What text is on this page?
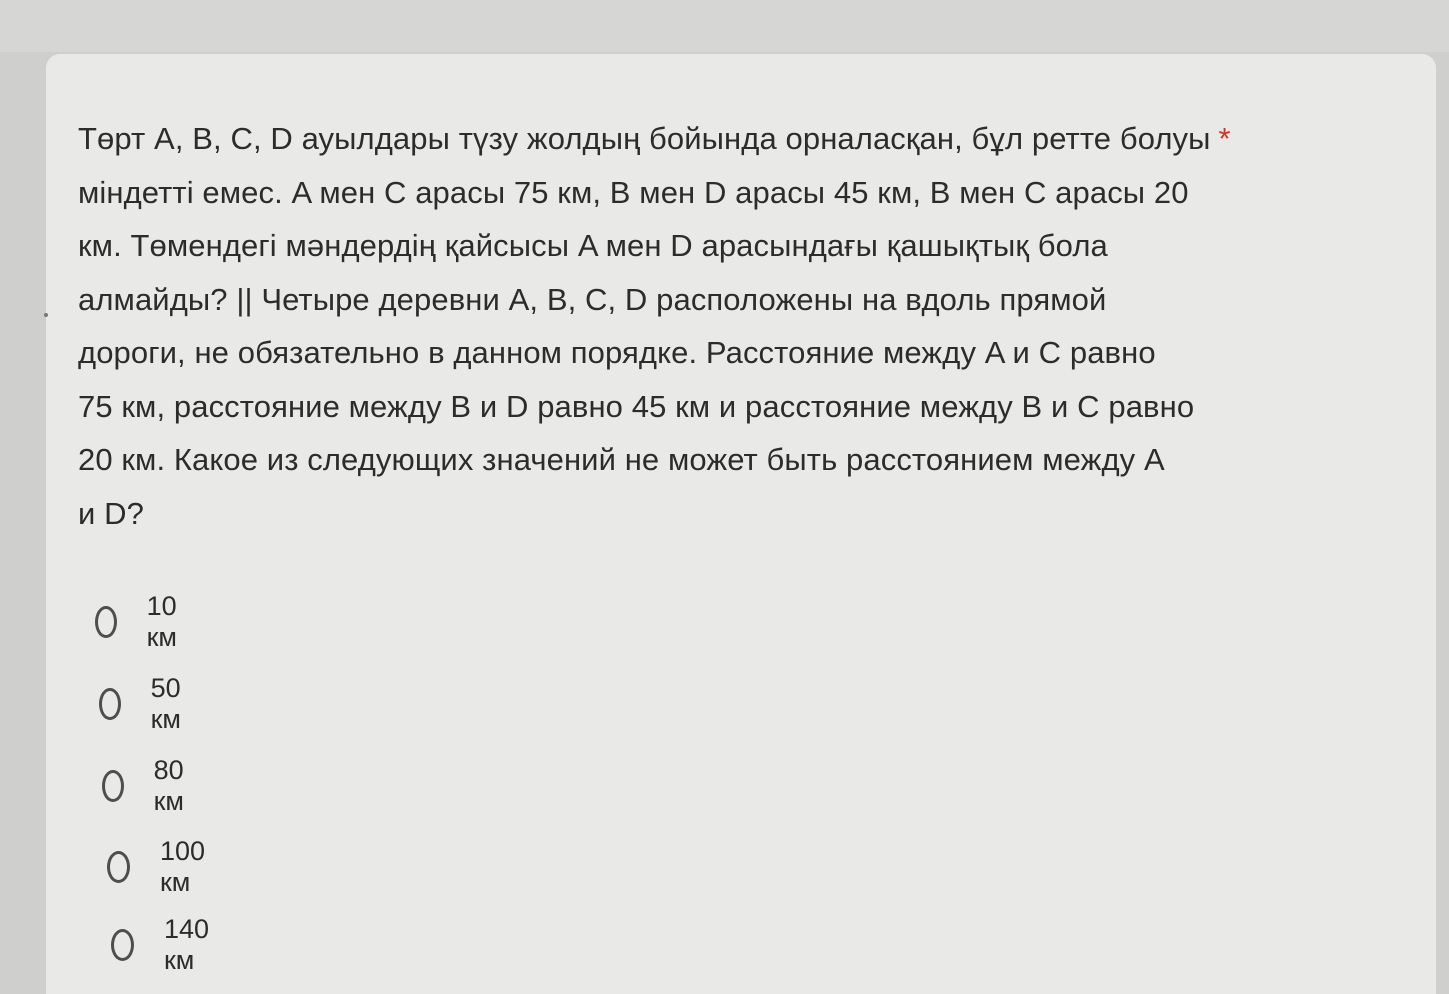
Төрт A, B, C, D ауылдары түзу жолдың бойында орналасқан, бұл ретте болуы *
міндетті емес. A мен C арасы 75 км, B мен D арасы 45 км, B мен C арасы 20
км. Төмендегі мәндердің қайсысы A мен D арасындағы қашықтық бола
алмайды? || Четыре деревни A, B, C, D расположены на вдоль прямой
дороги, не обязательно в данном порядке. Расстояние между A и C равно
75 км, расстояние между B и D равно 45 км и расстояние между B и C равно
20 км. Какое из следующих значений не может быть расстоянием между A
и D?
10 км
50 км
80 км
100 км
140 км
